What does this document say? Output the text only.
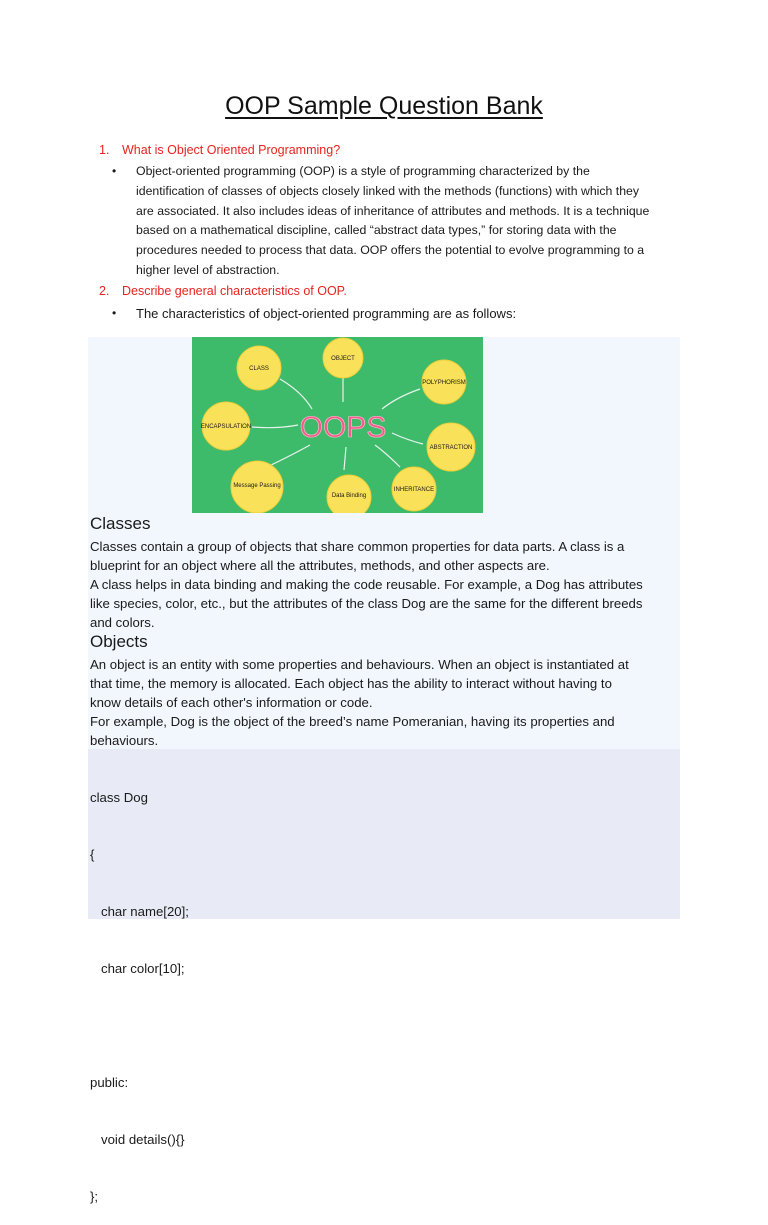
OOP Sample Question Bank
1. What is Object Oriented Programming?
• Object-oriented programming (OOP) is a style of programming characterized by the
identification of classes of objects closely linked with the methods (functions) with which they
are associated. It also includes ideas of inheritance of attributes and methods. It is a technique
based on a mathematical discipline, called “abstract data types,” for storing data with the
procedures needed to process that data. OOP offers the potential to evolve programming to a
higher level of abstraction.
2. Describe general characteristics of OOP.
• The characteristics of object-oriented programming are as follows:
CLASS
OBJECT
POLYPHORISM
ENCAPSULATION
ABSTRACTION
Message Passing
Data Binding
INHERITANCE
OOPS
Classes
Classes contain a group of objects that share common properties for data parts. A class is a
blueprint for an object where all the attributes, methods, and other aspects are.
A class helps in data binding and making the code reusable. For example, a Dog has attributes
like species, color, etc., but the attributes of the class Dog are the same for the different breeds
and colors.
Objects
An object is an entity with some properties and behaviours. When an object is instantiated at
that time, the memory is allocated. Each object has the ability to interact without having to
know details of each other's information or code.
For example, Dog is the object of the breed’s name Pomeranian, having its properties and
behaviours.

class Dog

{

char name[20];

char color[10];

public:

void details(){}

};
